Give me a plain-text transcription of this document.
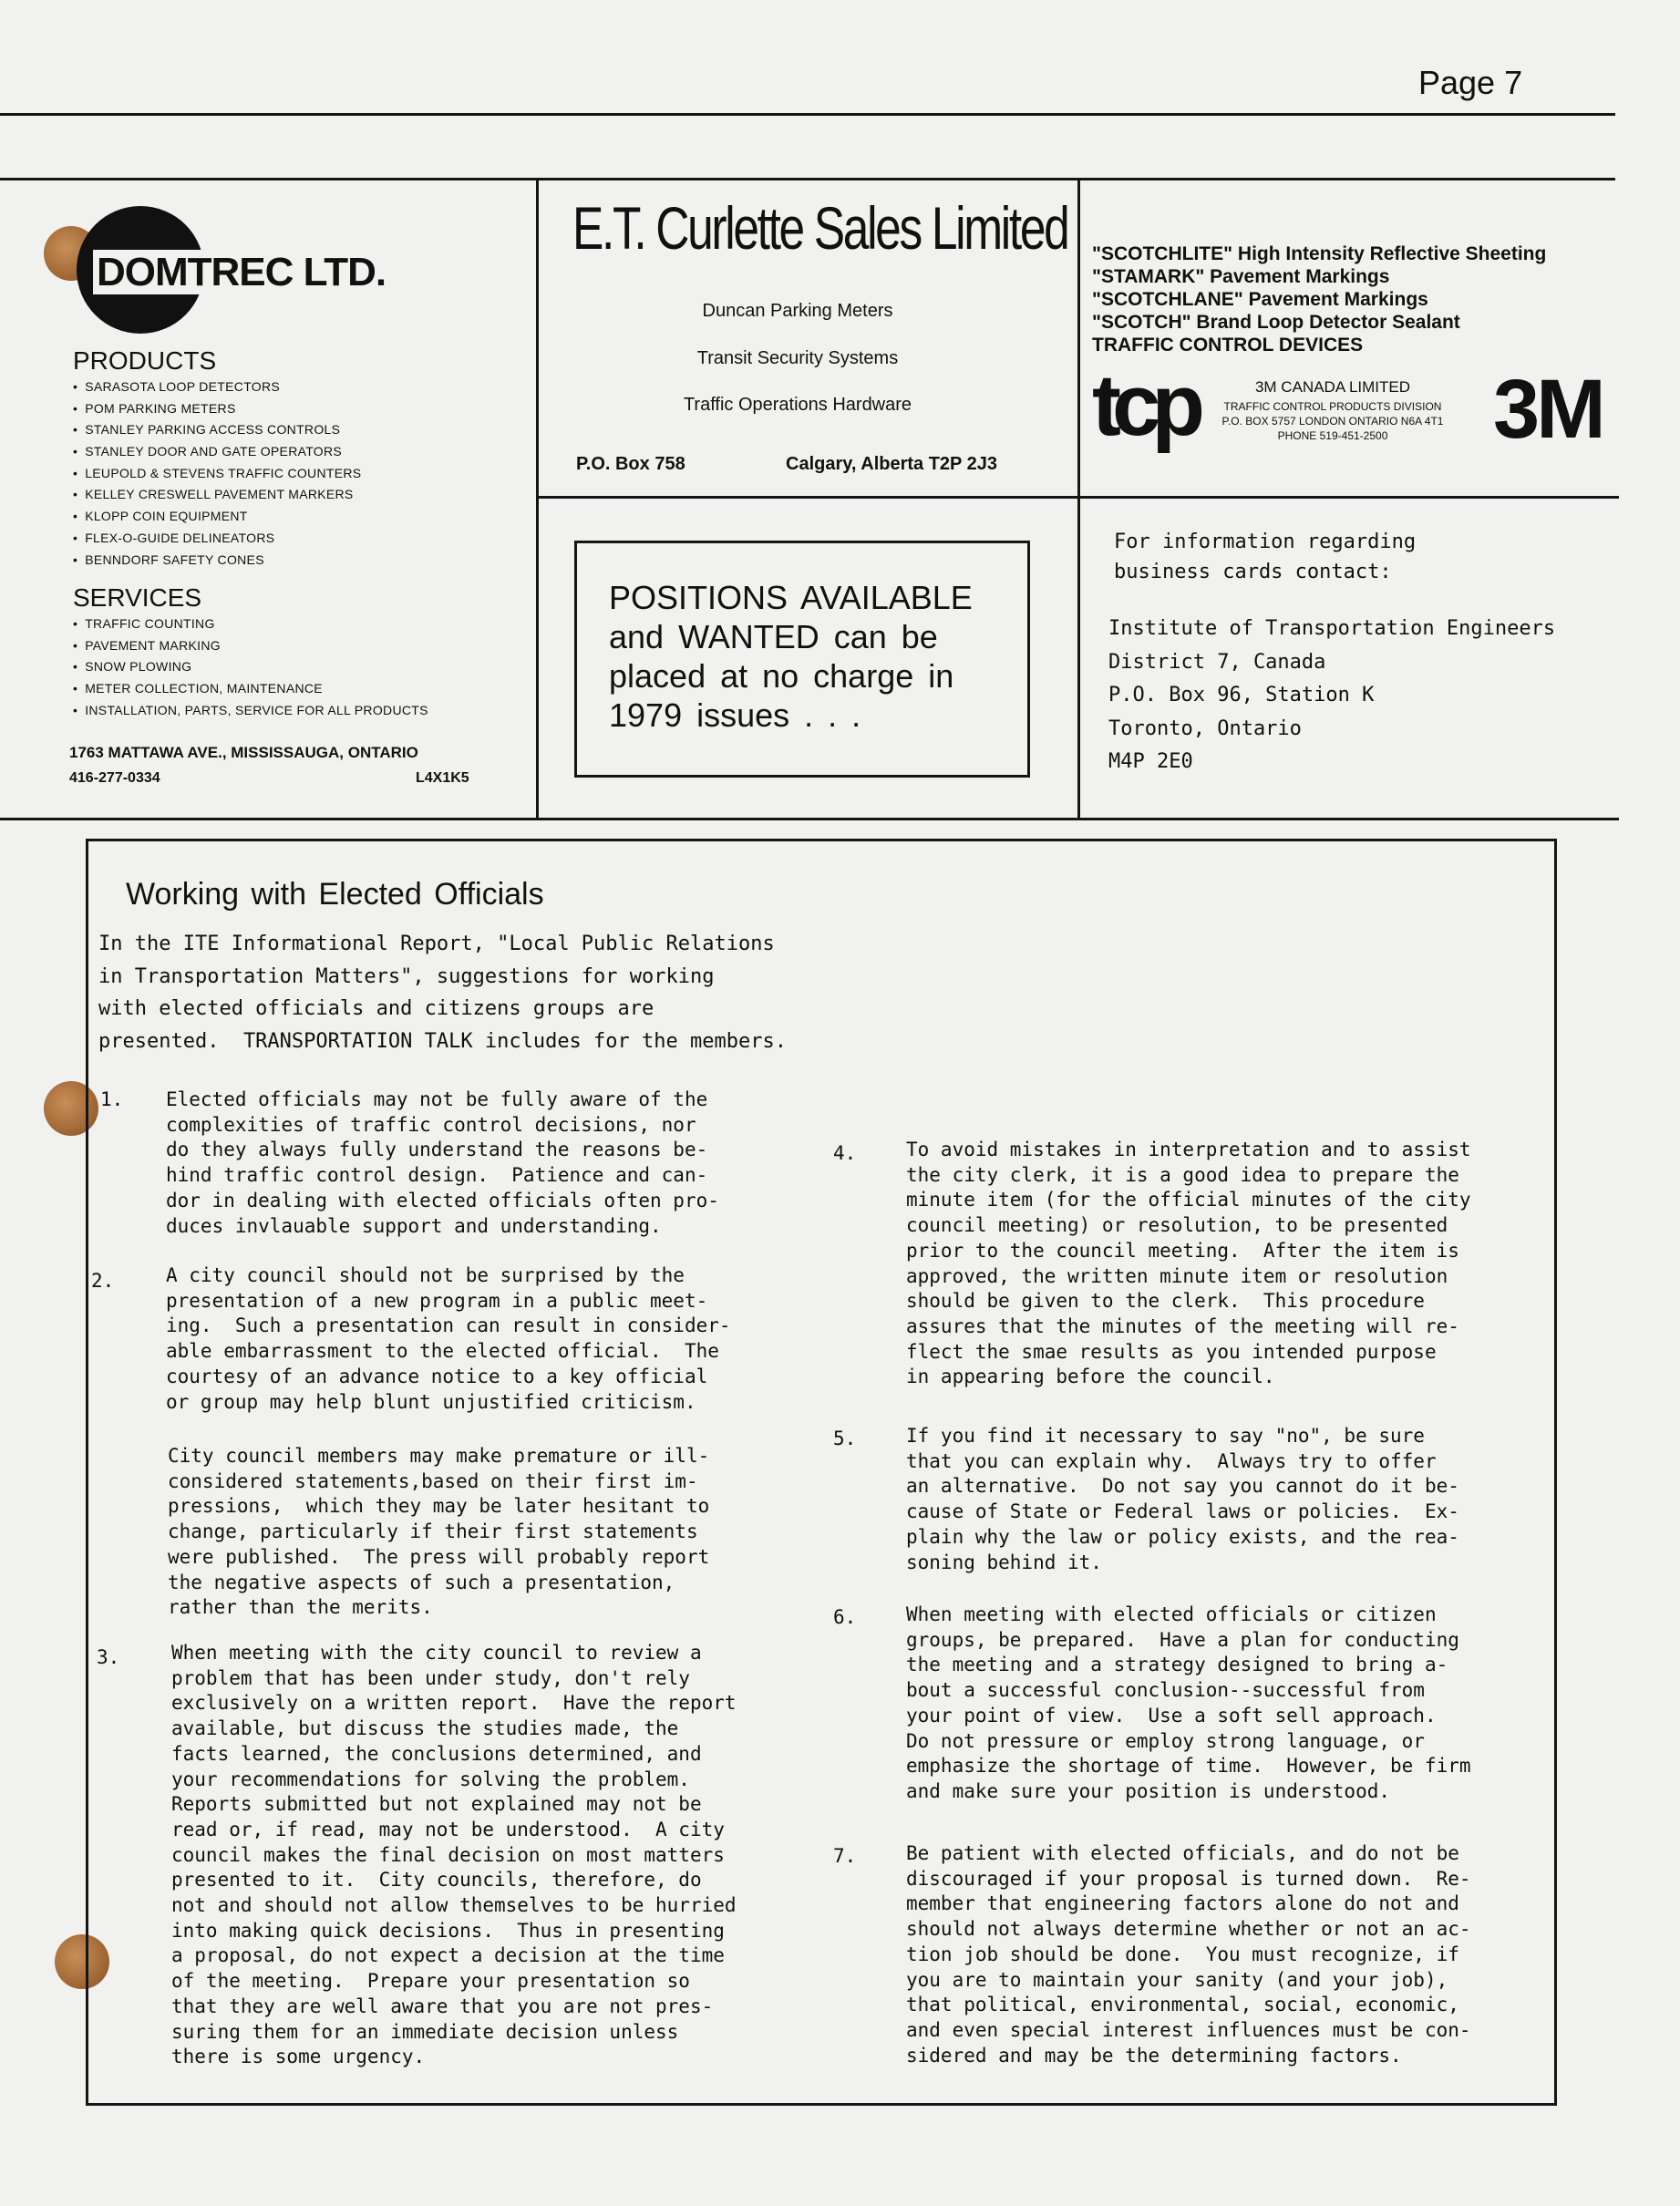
Page 7
DOMTREC LTD.
PRODUCTS
• SARASOTA LOOP DETECTORS
• POM PARKING METERS
• STANLEY PARKING ACCESS CONTROLS
• STANLEY DOOR AND GATE OPERATORS
• LEUPOLD & STEVENS TRAFFIC COUNTERS
• KELLEY CRESWELL PAVEMENT MARKERS
• KLOPP COIN EQUIPMENT
• FLEX-O-GUIDE DELINEATORS
• BENNDORF SAFETY CONES
SERVICES
• TRAFFIC COUNTING
• PAVEMENT MARKING
• SNOW PLOWING
• METER COLLECTION, MAINTENANCE
• INSTALLATION, PARTS, SERVICE FOR ALL PRODUCTS
1763 MATTAWA AVE., MISSISSAUGA, ONTARIO
416-277-0334	L4X1K5
E.T. Curlette Sales Limited
Duncan Parking Meters
Transit Security Systems
Traffic Operations Hardware
P.O. Box 758	Calgary, Alberta T2P 2J3
POSITIONS AVAILABLE and WANTED can be placed at no charge in 1979 issues . . .
"SCOTCHLITE" High Intensity Reflective Sheeting
"STAMARK" Pavement Markings
"SCOTCHLANE" Pavement Markings
"SCOTCH" Brand Loop Detector Sealant
TRAFFIC CONTROL DEVICES
tcp	3M CANADA LIMITED
TRAFFIC CONTROL PRODUCTS DIVISION
P.O. BOX 5757 LONDON ONTARIO N6A 4T1
PHONE 519-451-2500	3M
For information regarding
business cards contact:
Institute of Transportation Engineers
District 7, Canada
P.O. Box 96, Station K
Toronto, Ontario
M4P 2E0
Working with Elected Officials
In the ITE Informational Report, "Local Public Relations
in Transportation Matters", suggestions for working
with elected officials and citizens groups are
presented.  TRANSPORTATION TALK includes for the members.
1. Elected officials may not be fully aware of the
complexities of traffic control decisions, nor
do they always fully understand the reasons be-
hind traffic control design.  Patience and can-
dor in dealing with elected officials often pro-
duces invlauable support and understanding.
2.	A city council should not be surprised by the
presentation of a new program in a public meet-
ing.  Such a presentation can result in consider-
able embarrassment to the elected official.  The
courtesy of an advance notice to a key official
or group may help blunt unjustified criticism.
City council members may make premature or ill-
considered statements,based on their first im-
pressions,  which they may be later hesitant to
change, particularly if their first statements
were published.  The press will probably report
the negative aspects of such a presentation,
rather than the merits.
3.	When meeting with the city council to review a
problem that has been under study, don't rely
exclusively on a written report.  Have the report
available, but discuss the studies made, the
facts learned, the conclusions determined, and
your recommendations for solving the problem.
Reports submitted but not explained may not be
read or, if read, may not be understood.  A city
council makes the final decision on most matters
presented to it.  City councils, therefore, do
not and should not allow themselves to be hurried
into making quick decisions.  Thus in presenting
a proposal, do not expect a decision at the time
of the meeting.  Prepare your presentation so
that they are well aware that you are not pres-
suring them for an immediate decision unless
there is some urgency.
4.	To avoid mistakes in interpretation and to assist
the city clerk, it is a good idea to prepare the
minute item (for the official minutes of the city
council meeting) or resolution, to be presented
prior to the council meeting.  After the item is
approved, the written minute item or resolution
should be given to the clerk.  This procedure
assures that the minutes of the meeting will re-
flect the smae results as you intended purpose
in appearing before the council.
5.	If you find it necessary to say "no", be sure
that you can explain why.  Always try to offer
an alternative.  Do not say you cannot do it be-
cause of State or Federal laws or policies.  Ex-
plain why the law or policy exists, and the rea-
soning behind it.
6.	When meeting with elected officials or citizen
groups, be prepared.  Have a plan for conducting
the meeting and a strategy designed to bring a-
bout a successful conclusion--successful from
your point of view.  Use a soft sell approach.
Do not pressure or employ strong language, or
emphasize the shortage of time.  However, be firm
and make sure your position is understood.
7.	Be patient with elected officials, and do not be
discouraged if your proposal is turned down.  Re-
member that engineering factors alone do not and
should not always determine whether or not an ac-
tion job should be done.  You must recognize, if
you are to maintain your sanity (and your job),
that political, environmental, social, economic,
and even special interest influences must be con-
sidered and may be the determining factors.
